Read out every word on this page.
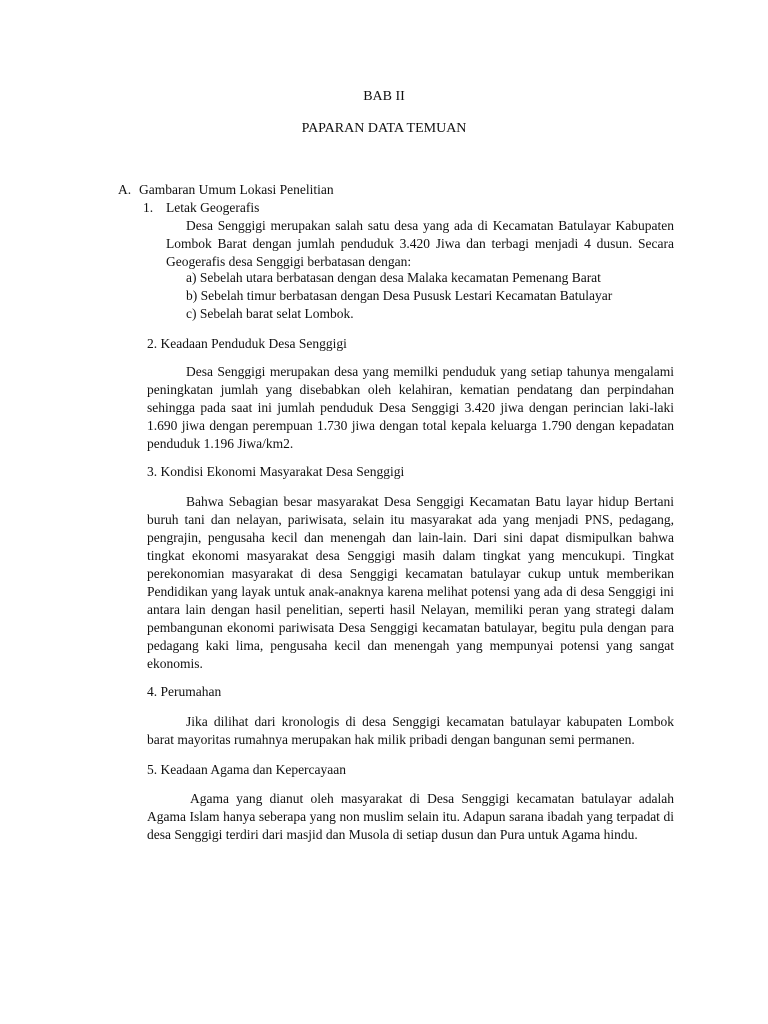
BAB II
PAPARAN DATA TEMUAN
A. Gambaran Umum Lokasi Penelitian
1. Letak Geogerafis
Desa Senggigi merupakan salah satu desa yang ada di Kecamatan Batulayar Kabupaten Lombok Barat dengan jumlah penduduk 3.420 Jiwa dan terbagi menjadi 4 dusun. Secara Geogerafis desa Senggigi berbatasan dengan:
a) Sebelah utara berbatasan dengan desa Malaka kecamatan Pemenang Barat
b) Sebelah timur berbatasan dengan Desa Pususk Lestari Kecamatan Batulayar
c) Sebelah barat selat Lombok.
2. Keadaan Penduduk Desa Senggigi
Desa Senggigi merupakan desa yang memilki penduduk yang setiap tahunya mengalami peningkatan jumlah yang disebabkan oleh kelahiran, kematian pendatang dan perpindahan sehingga pada saat ini jumlah penduduk Desa Senggigi 3.420 jiwa dengan perincian laki-laki 1.690 jiwa dengan perempuan 1.730 jiwa dengan total kepala keluarga 1.790 dengan kepadatan penduduk 1.196 Jiwa/km2.
3. Kondisi Ekonomi Masyarakat Desa Senggigi
Bahwa Sebagian besar masyarakat Desa Senggigi Kecamatan Batu layar hidup Bertani buruh tani dan nelayan, pariwisata, selain itu masyarakat ada yang menjadi PNS, pedagang, pengrajin, pengusaha kecil dan menengah dan lain-lain. Dari sini dapat dismipulkan bahwa tingkat ekonomi masyarakat desa Senggigi masih dalam tingkat yang mencukupi. Tingkat perekonomian masyarakat di desa Senggigi kecamatan batulayar cukup untuk memberikan Pendidikan yang layak untuk anak-anaknya karena melihat potensi yang ada di desa Senggigi ini antara lain dengan hasil penelitian, seperti hasil Nelayan, memiliki peran yang strategi dalam pembangunan ekonomi pariwisata Desa Senggigi kecamatan batulayar, begitu pula dengan para pedagang kaki lima, pengusaha kecil dan menengah yang mempunyai potensi yang sangat ekonomis.
4. Perumahan
Jika dilihat dari kronologis di desa Senggigi kecamatan batulayar kabupaten Lombok barat mayoritas rumahnya merupakan hak milik pribadi dengan bangunan semi permanen.
5. Keadaan Agama dan Kepercayaan
Agama yang dianut oleh masyarakat di Desa Senggigi kecamatan batulayar adalah Agama Islam hanya seberapa yang non muslim selain itu. Adapun sarana ibadah yang terpadat di desa Senggigi terdiri dari masjid dan Musola di setiap dusun dan Pura untuk Agama hindu.
